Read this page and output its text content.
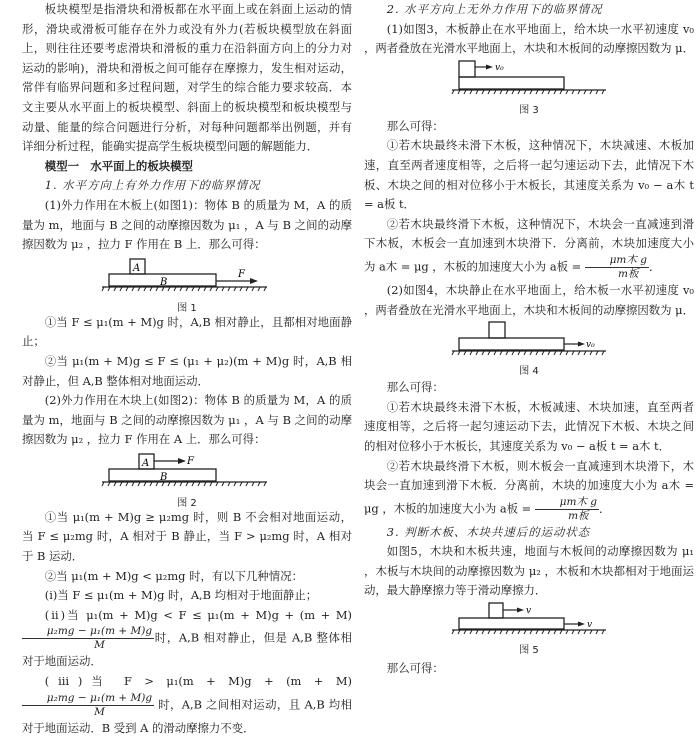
板块模型是指滑块和滑板都在水平面上或在斜面上运动的情形，滑块或滑板可能存在外力或没有外力(若板块模型放在斜面上，则往往还要考虑滑块和滑板的重力在沿斜面方向上的分力对运动的影响)，滑块和滑板之间可能存在摩擦力，发生相对运动，常伴有临界问题和多过程问题，对学生的综合能力要求较高．本文主要从水平面上的板块模型、斜面上的板块模型和板块模型与动量、能量的综合问题进行分析，对每种问题都举出例题，并有详细分析过程，能确实提高学生板块模型问题的解题能力．

模型一　水平面上的板块模型

1. 水平方向上有外力作用下的临界情况

(1)外力作用在木板上(如图1)：物体 B 的质量为 M，A 的质量为 m，地面与 B 之间的动摩擦因数为 μ₁ ，A 与 B 之间的动摩擦因数为 μ₂ ，拉力 F 作用在 B 上．那么可得：

A
B
F

图 1

①当 F ≤ μ₁(m + M)g 时，A,B 相对静止，且都相对地面静止；

②当 μ₁(m + M)g ≤ F ≤ (μ₁ + μ₂)(m + M)g 时，A,B 相对静止，但 A,B 整体相对地面运动．

(2)外力作用在木块上(如图2)：物体 B 的质量为 M，A 的质量为 m，地面与 B 之间的动摩擦因数为 μ₁ ，A 与 B 之间的动摩擦因数为 μ₂ ，拉力 F 作用在 A 上．那么可得：

A	F
B

图 2

①当 μ₁(m + M)g ≥ μ₂mg 时，则 B 不会相对地面运动，当 F ≤ μ₂mg 时，A 相对于 B 静止，当 F > μ₂mg 时，A 相对于 B 运动．

②当 μ₁(m + M)g < μ₂mg 时，有以下几种情况：

(ⅰ)当 F ≤ μ₁(m + M)g 时，A,B 均相对于地面静止；

(ⅱ)当 μ₁(m + M)g < F ≤ μ₁(m + M)g + (m + M)
$\frac{\text{μ₂mg − μ₁(m + M)g}}{M}$ 时，A,B 相对静止，但是 A,B 整体相对于地面运动．

(ⅲ)当 F > μ₁(m + M)g + (m + M)
$\frac{\text{μ₂mg − μ₁(m + M)g}}{M}$ 时，A,B 之间相对运动，且 A,B 均相对于地面运动．B 受到 A 的滑动摩擦力不变．

2. 水平方向上无外力作用下的临界情况

(1)如图3，木板静止在水平地面上，给木块一水平初速度 v₀ ，两者叠放在光滑水平地面上，木块和木板间的动摩擦因数为 μ．

v₀

图 3

那么可得：

①若木块最终未滑下木板，这种情况下，木块减速、木板加速，直至两者速度相等，之后将一起匀速运动下去，此情况下木板、木块之间的相对位移小于木板长，其速度关系为 v₀ − a木 t = a板 t．

②若木块最终滑下木板，这种情况下，木块会一直减速到滑下木板，木板会一直加速到木块滑下．分离前，木块加速度大小为 a木 = μg ，木板的加速度大小为 a板 = $\frac{\text{μm木 g}}{\text{m板}}$ ．

(2)如图4，木块静止在水平地面上，给木板一水平初速度 v₀ ，两者叠放在光滑水平地面上，木块和木板间的动摩擦因数为 μ．

v₀

图 4

那么可得：

①若木块最终未滑下木板，木板减速、木块加速，直至两者速度相等，之后将一起匀速运动下去，此情况下木板、木块之间的相对位移小于木板长，其速度关系为 v₀ − a板 t = a木 t．

②若木块最终滑下木板，则木板会一直减速到木块滑下，木块会一直加速到滑下木板．分离前，木块的加速度大小为 a木 = μg ，木板的加速度大小为 a板 = $\frac{\text{μm木 g}}{\text{m板}}$ ．

3. 判断木板、木块共速后的运动状态

如图5，木块和木板共速，地面与木板间的动摩擦因数为 μ₁ ，木板与木块间的动摩擦因数为 μ₂ ，木板和木块都相对于地面运动，最大静摩擦力等于滑动摩擦力．

v
v

图 5

那么可得：
